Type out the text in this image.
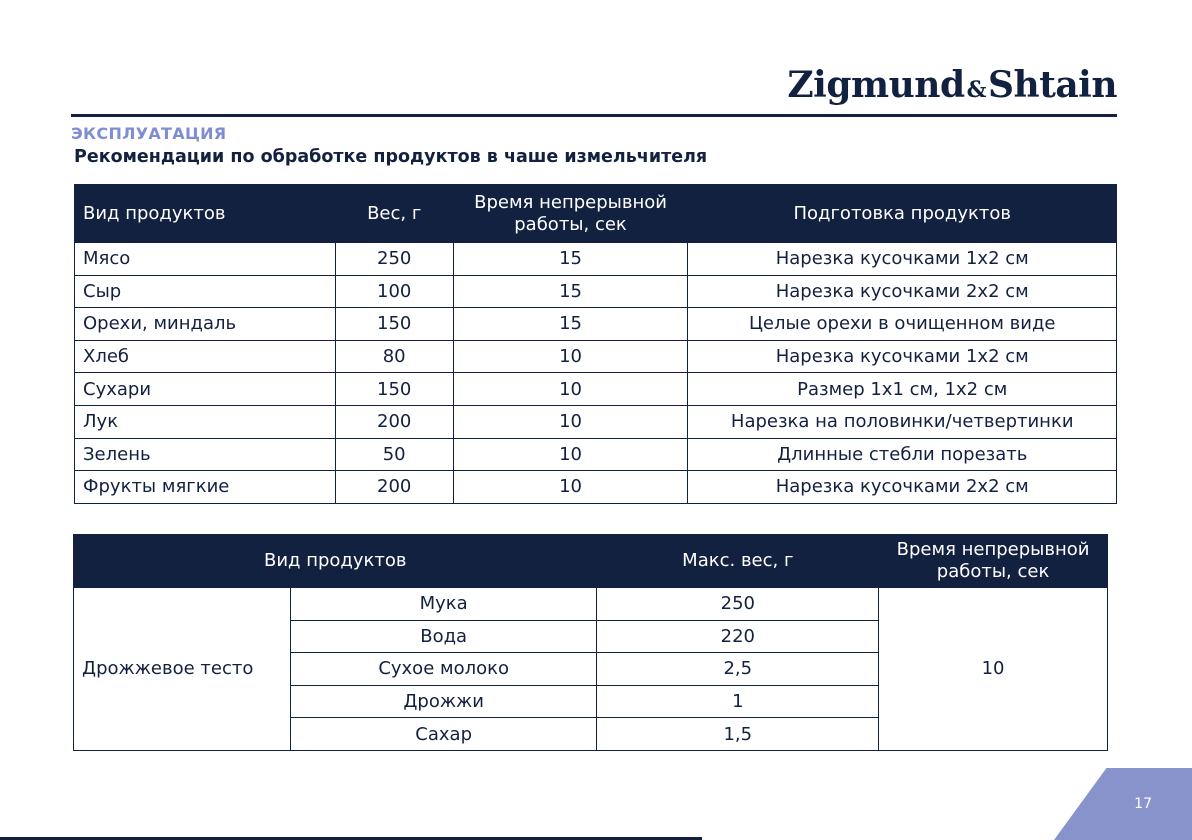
Zigmund&Shtain
ЭКСПЛУАТАЦИЯ
Рекомендации по обработке продуктов в чаше измельчителя
Вид продуктов	Вес, г	Время непрерывной работы, сек	Подготовка продуктов
Мясо	250	15	Нарезка кусочками 1x2 см
Сыр	100	15	Нарезка кусочками 2x2 см
Орехи, миндаль	150	15	Целые орехи в очищенном виде
Хлеб	80	10	Нарезка кусочками 1x2 см
Сухари	150	10	Размер 1x1 см, 1x2 см
Лук	200	10	Нарезка на половинки/четвертинки
Зелень	50	10	Длинные стебли порезать
Фрукты мягкие	200	10	Нарезка кусочками 2x2 см
Вид продуктов		Макс. вес, г	Время непрерывной работы, сек
Дрожжевое тесто	Мука	250	10
	Вода	220	
	Сухое молоко	2,5	
	Дрожжи	1	
	Сахар	1,5	
17
